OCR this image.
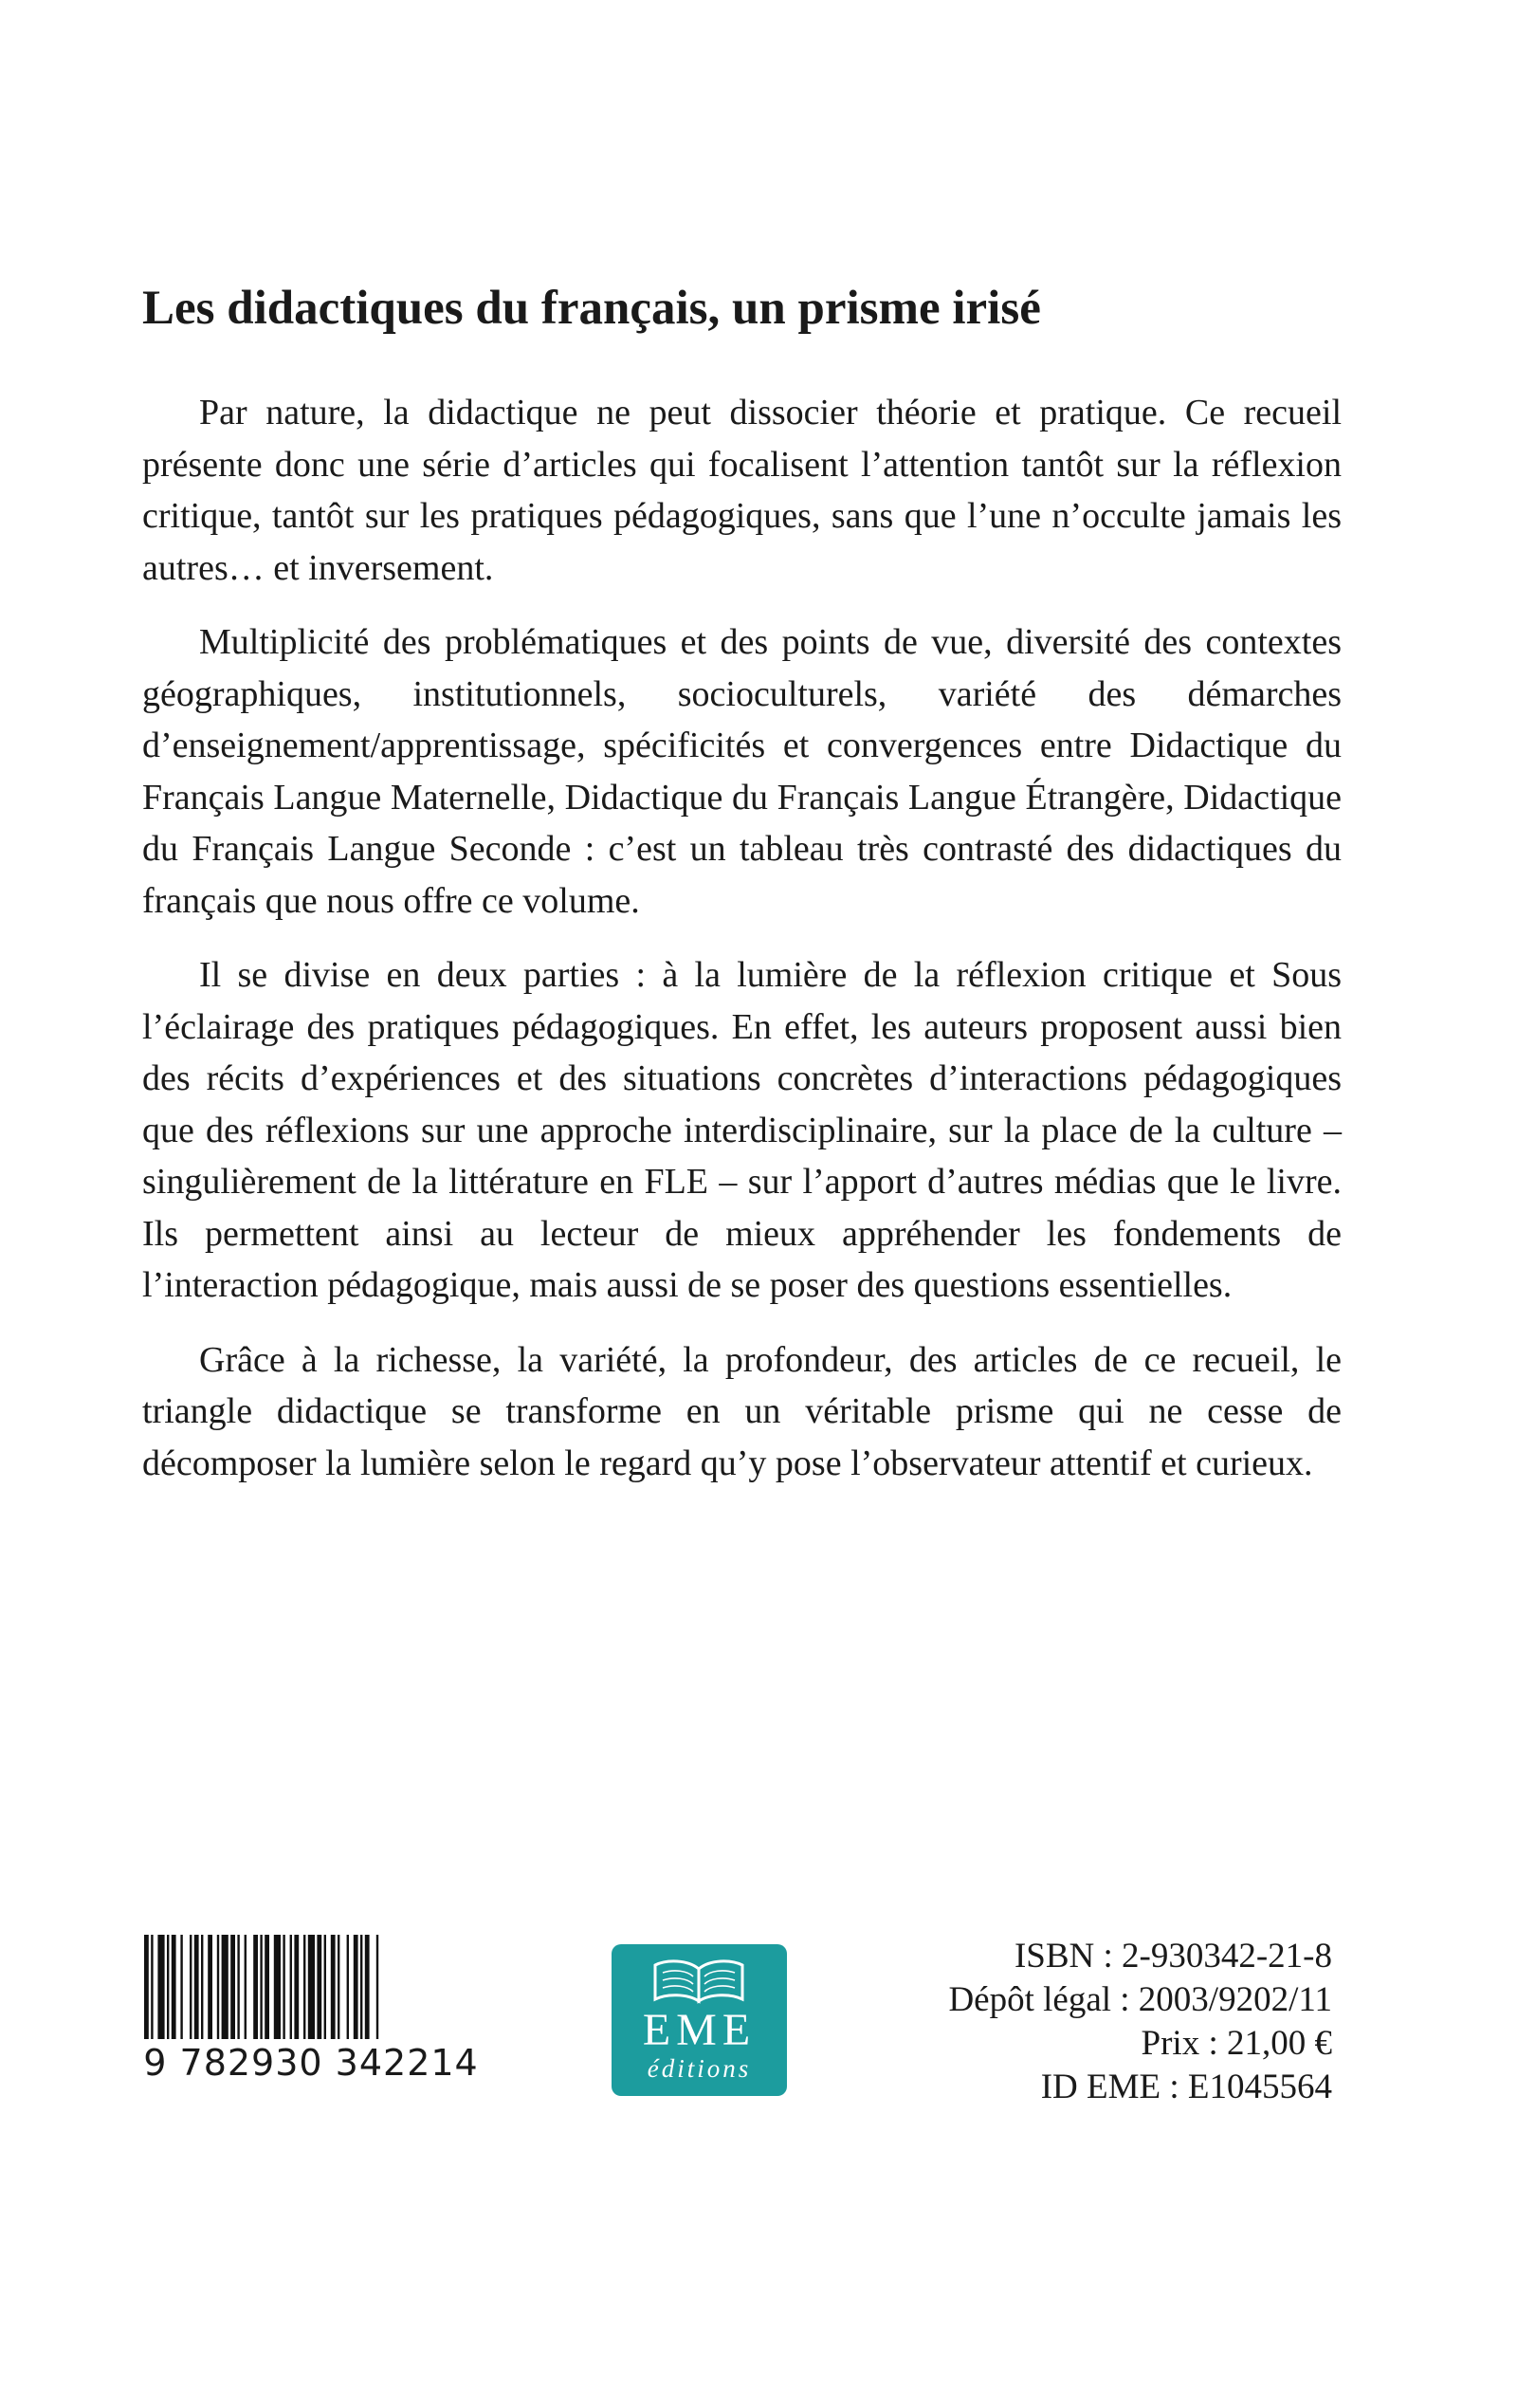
Les didactiques du français, un prisme irisé

Par nature, la didactique ne peut dissocier théorie et pratique. Ce recueil présente donc une série d’articles qui focalisent l’attention tantôt sur la réflexion critique, tantôt sur les pratiques pédagogiques, sans que l’une n’occulte jamais les autres… et inversement.

Multiplicité des problématiques et des points de vue, diversité des contextes géographiques, institutionnels, socioculturels, variété des démarches d’enseignement/apprentissage, spécificités et convergences entre Didactique du Français Langue Maternelle, Didactique du Français Langue Étrangère, Didactique du Français Langue Seconde : c’est un tableau très contrasté des didactiques du français que nous offre ce volume.

Il se divise en deux parties : à la lumière de la réflexion critique et Sous l’éclairage des pratiques pédagogiques. En effet, les auteurs proposent aussi bien des récits d’expériences et des situations concrètes d’interactions pédagogiques que des réflexions sur une approche interdisciplinaire, sur la place de la culture – singulièrement de la littérature en FLE – sur l’apport d’autres médias que le livre. Ils permettent ainsi au lecteur de mieux appréhender les fondements de l’interaction pédagogique, mais aussi de se poser des questions essentielles.

Grâce à la richesse, la variété, la profondeur, des articles de ce recueil, le triangle didactique se transforme en un véritable prisme qui ne cesse de décomposer la lumière selon le regard qu’y pose l’observateur attentif et curieux.

9 782930 342214
EME
éditions
ISBN : 2-930342-21-8
Dépôt légal : 2003/9202/11
Prix : 21,00 €
ID EME : E1045564
